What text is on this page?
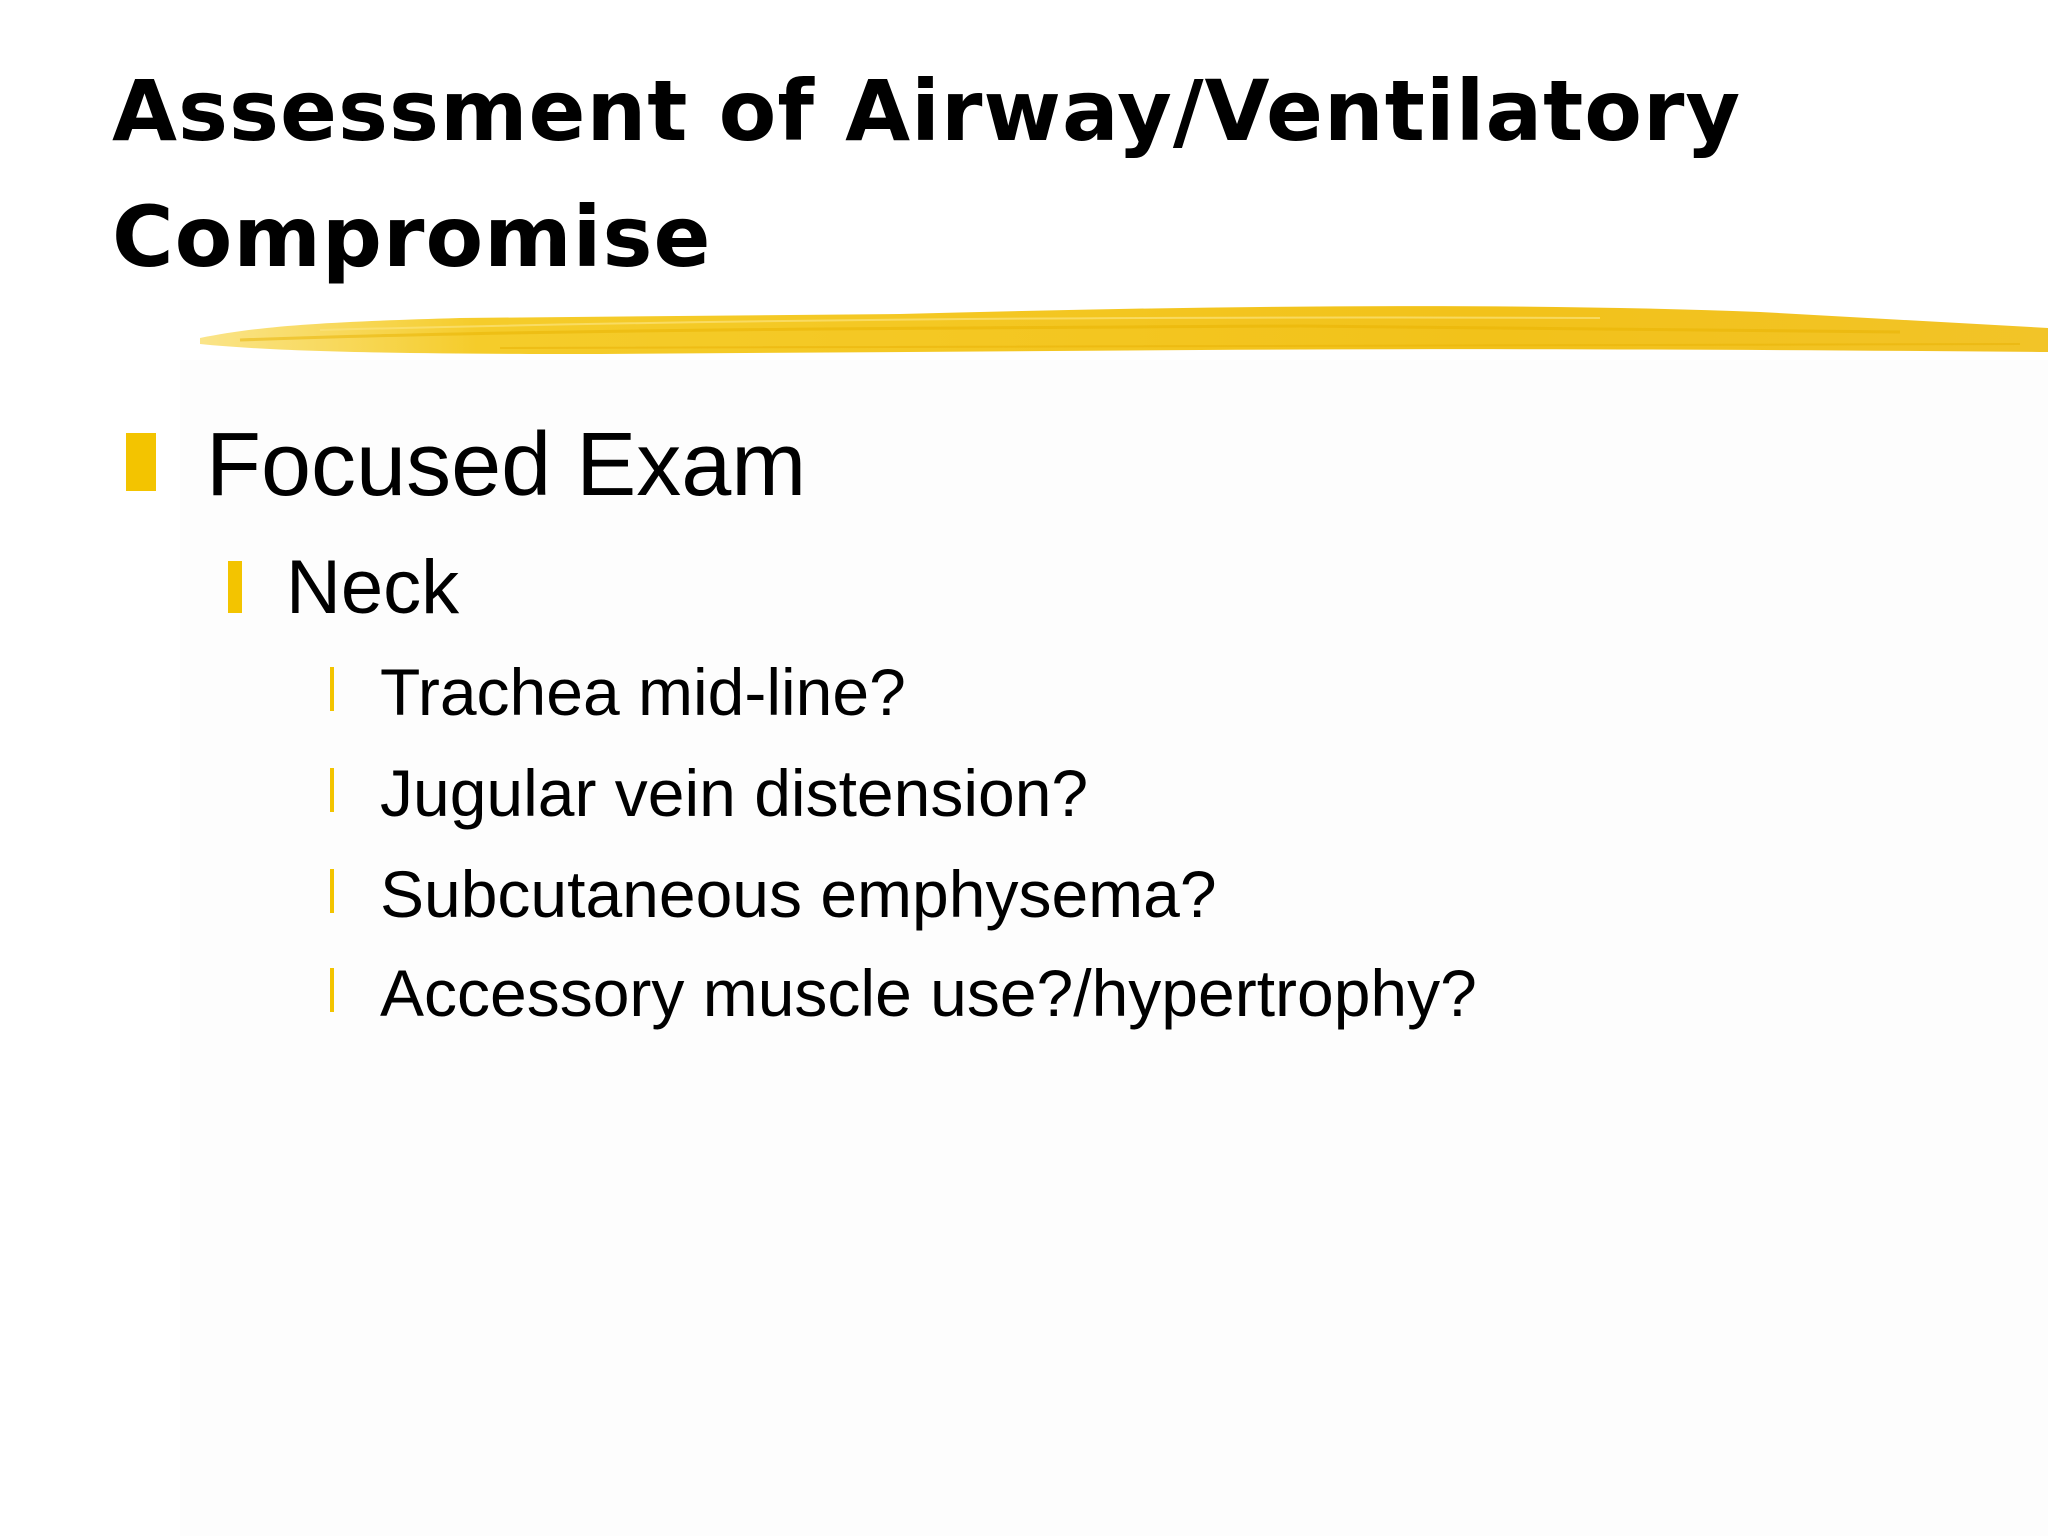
Assessment of Airway/Ventilatory Compromise
Focused Exam
Neck
Trachea mid-line?
Jugular vein distension?
Subcutaneous emphysema?
Accessory muscle use?/hypertrophy?
